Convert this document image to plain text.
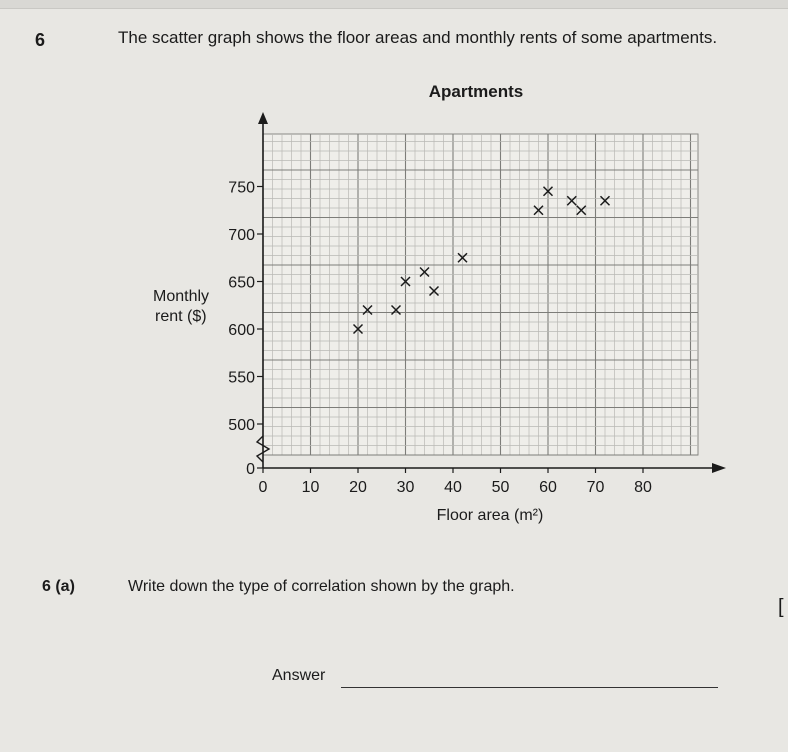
6	The scatter graph shows the floor areas and monthly rents of some apartments.
0 10 20 30 40 50 60 70 80
0
500
550
600
650
700
750
Apartments
Floor area (m²)
Monthly
rent ($)
6 (a)	Write down the type of correlation shown by the graph.
[
Answer
